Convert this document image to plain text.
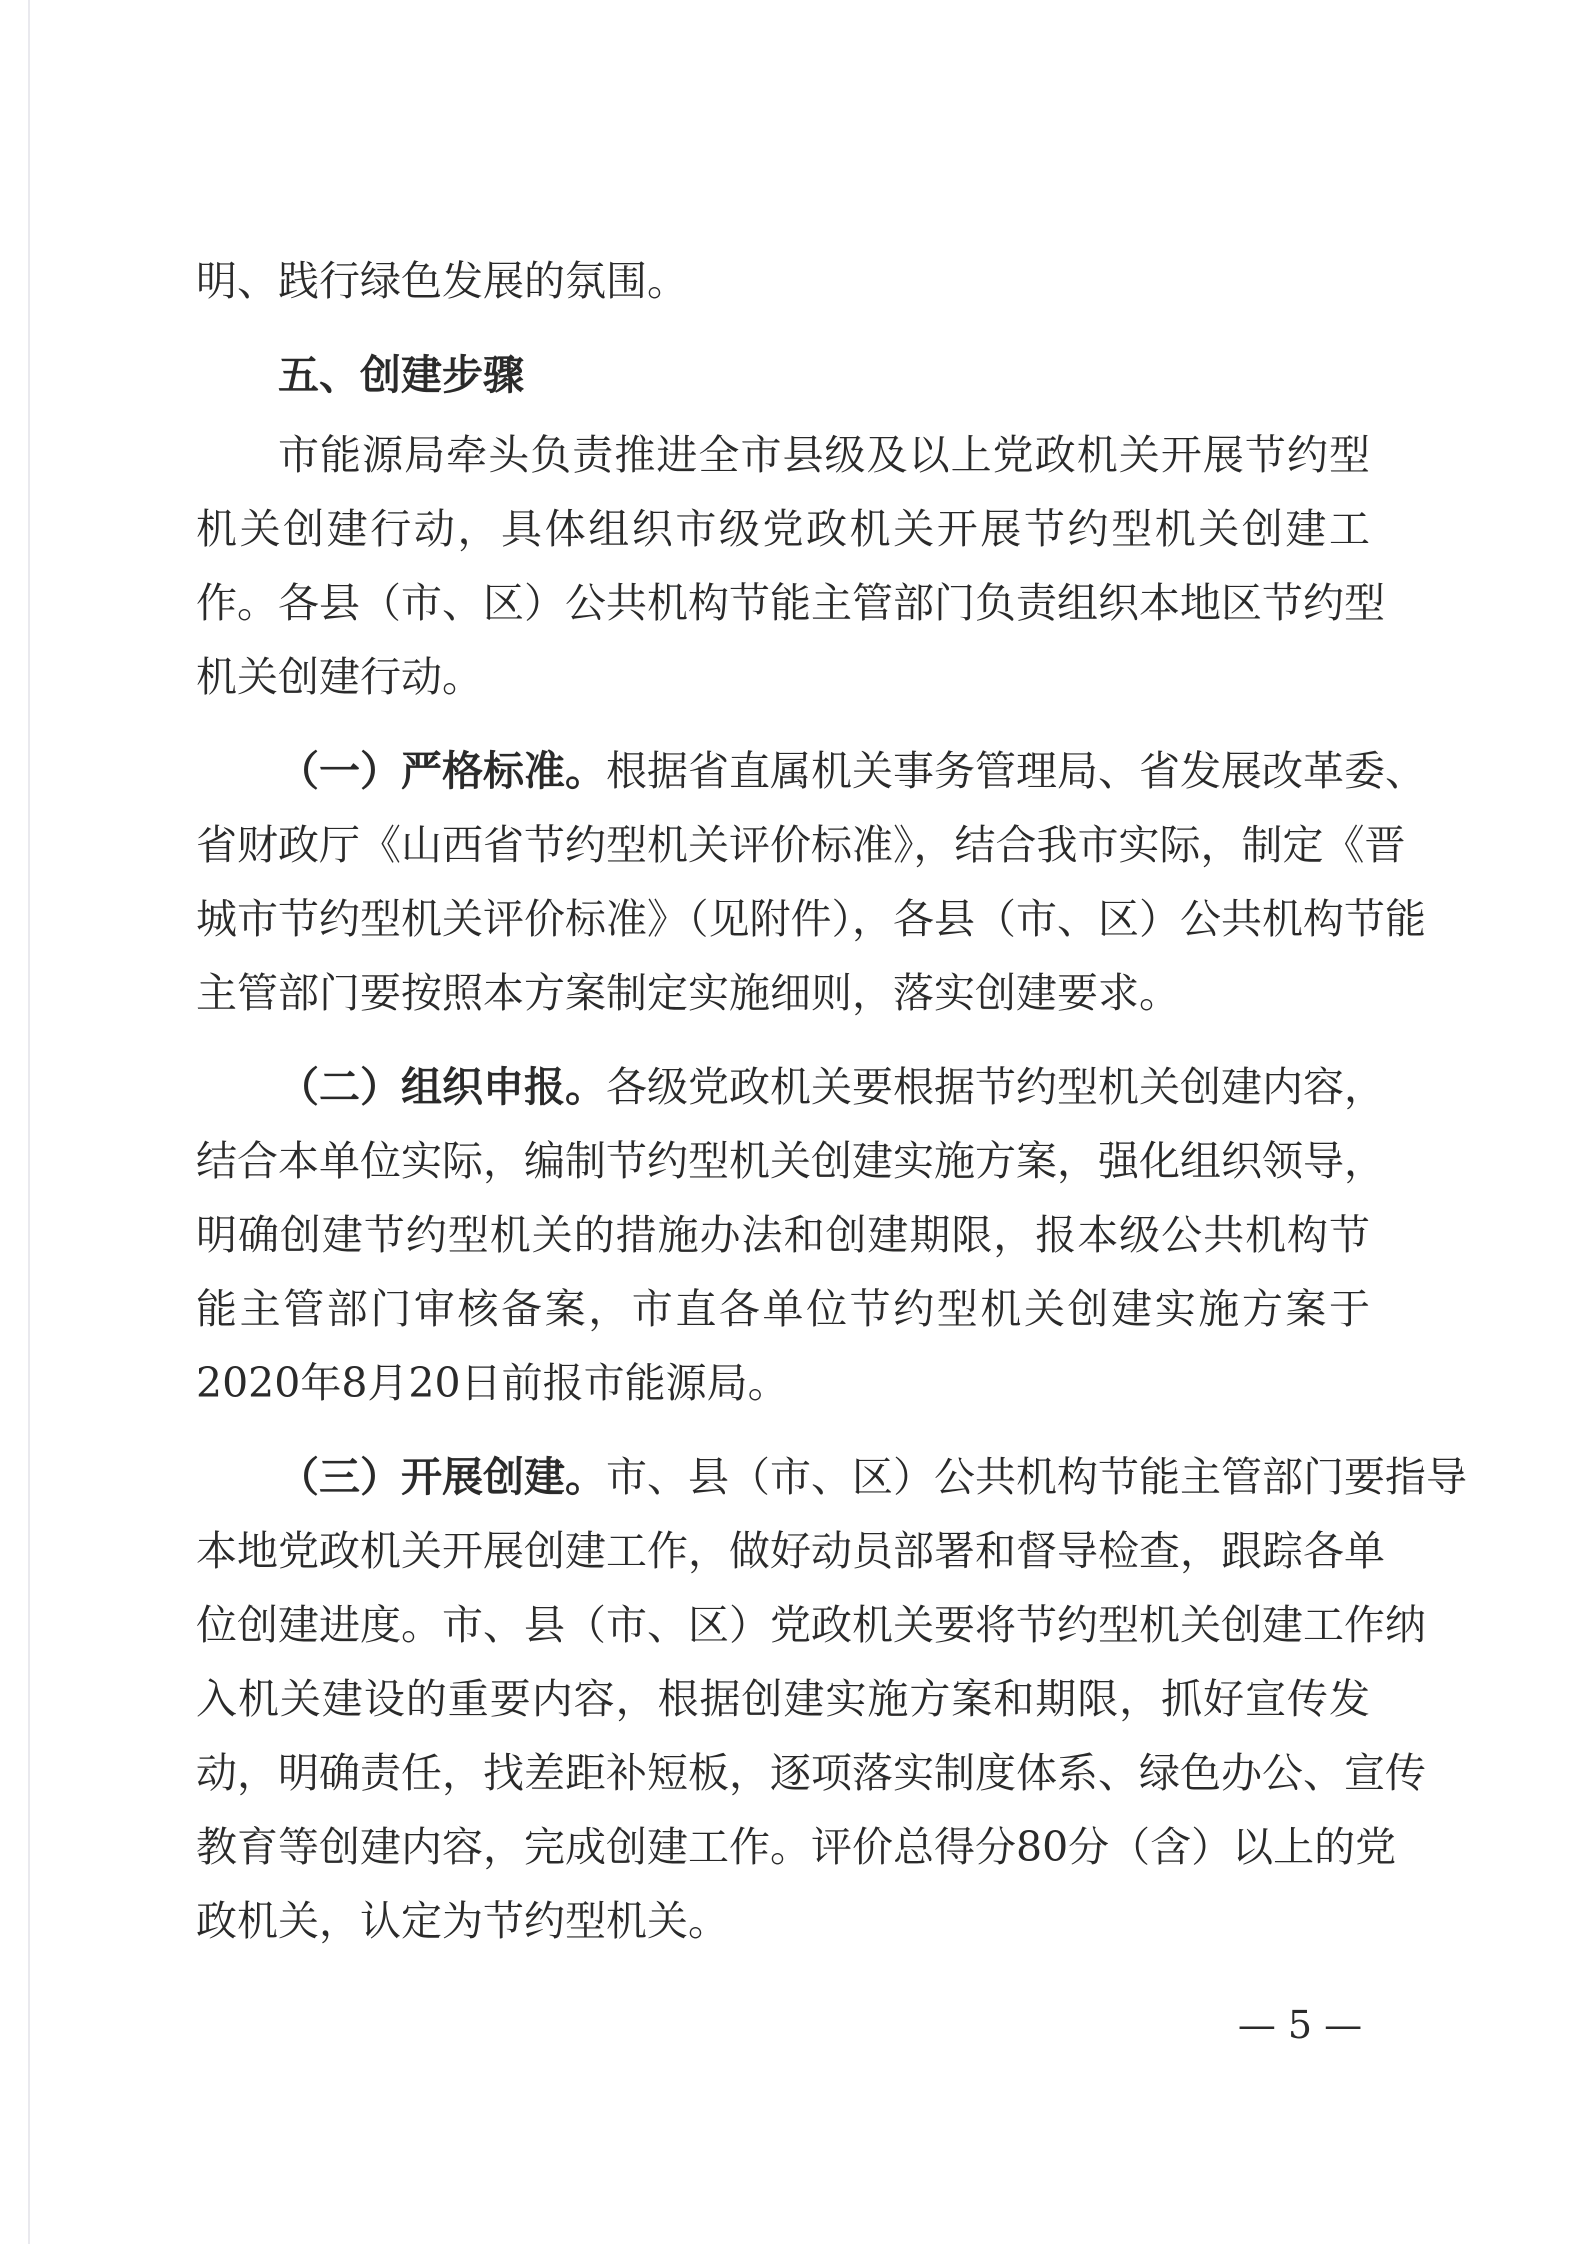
明、践行绿色发展的氛围。
五、创建步骤
市能源局牵头负责推进全市县级及以上党政机关开展节约型
机关创建行动，具体组织市级党政机关开展节约型机关创建工
作。各县（市、区）公共机构节能主管部门负责组织本地区节约型
机关创建行动。
（一）严格标准。根据省直属机关事务管理局、省发展改革委、
省财政厅《山西省节约型机关评价标准》，结合我市实际，制定《晋
城市节约型机关评价标准》（见附件），各县（市、区）公共机构节能
主管部门要按照本方案制定实施细则，落实创建要求。
（二）组织申报。各级党政机关要根据节约型机关创建内容，
结合本单位实际，编制节约型机关创建实施方案，强化组织领导，
明确创建节约型机关的措施办法和创建期限，报本级公共机构节
能主管部门审核备案，市直各单位节约型机关创建实施方案于
2020年8月20日前报市能源局。
（三）开展创建。市、县（市、区）公共机构节能主管部门要指导
本地党政机关开展创建工作，做好动员部署和督导检查，跟踪各单
位创建进度。市、县（市、区）党政机关要将节约型机关创建工作纳
入机关建设的重要内容，根据创建实施方案和期限，抓好宣传发
动，明确责任，找差距补短板，逐项落实制度体系、绿色办公、宣传
教育等创建内容，完成创建工作。评价总得分80分（含）以上的党
政机关，认定为节约型机关。
— 5 —
